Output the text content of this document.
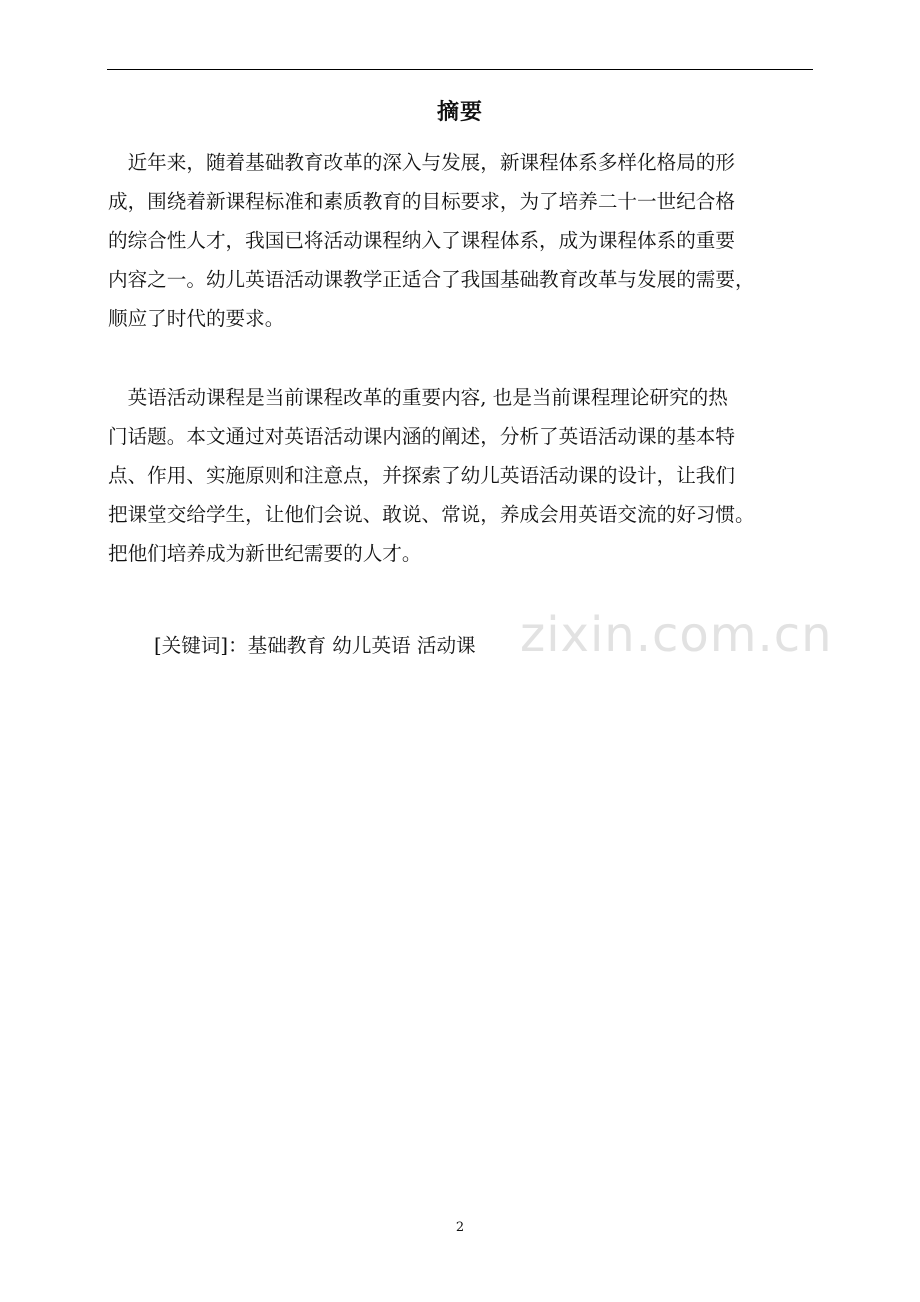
摘要

　近年来，随着基础教育改革的深入与发展，新课程体系多样化格局的形
成，围绕着新课程标准和素质教育的目标要求，为了培养二十一世纪合格
的综合性人才，我国已将活动课程纳入了课程体系，成为课程体系的重要
内容之一。幼儿英语活动课教学正适合了我国基础教育改革与发展的需要，
顺应了时代的要求。

　英语活动课程是当前课程改革的重要内容, 也是当前课程理论研究的热
门话题。本文通过对英语活动课内涵的阐述，分析了英语活动课的基本特
点、作用、实施原则和注意点，并探索了幼儿英语活动课的设计，让我们
把课堂交给学生，让他们会说、敢说、常说，养成会用英语交流的好习惯。
把他们培养成为新世纪需要的人才。

[关键词]：基础教育 幼儿英语 活动课 zixin.com.cn
2
